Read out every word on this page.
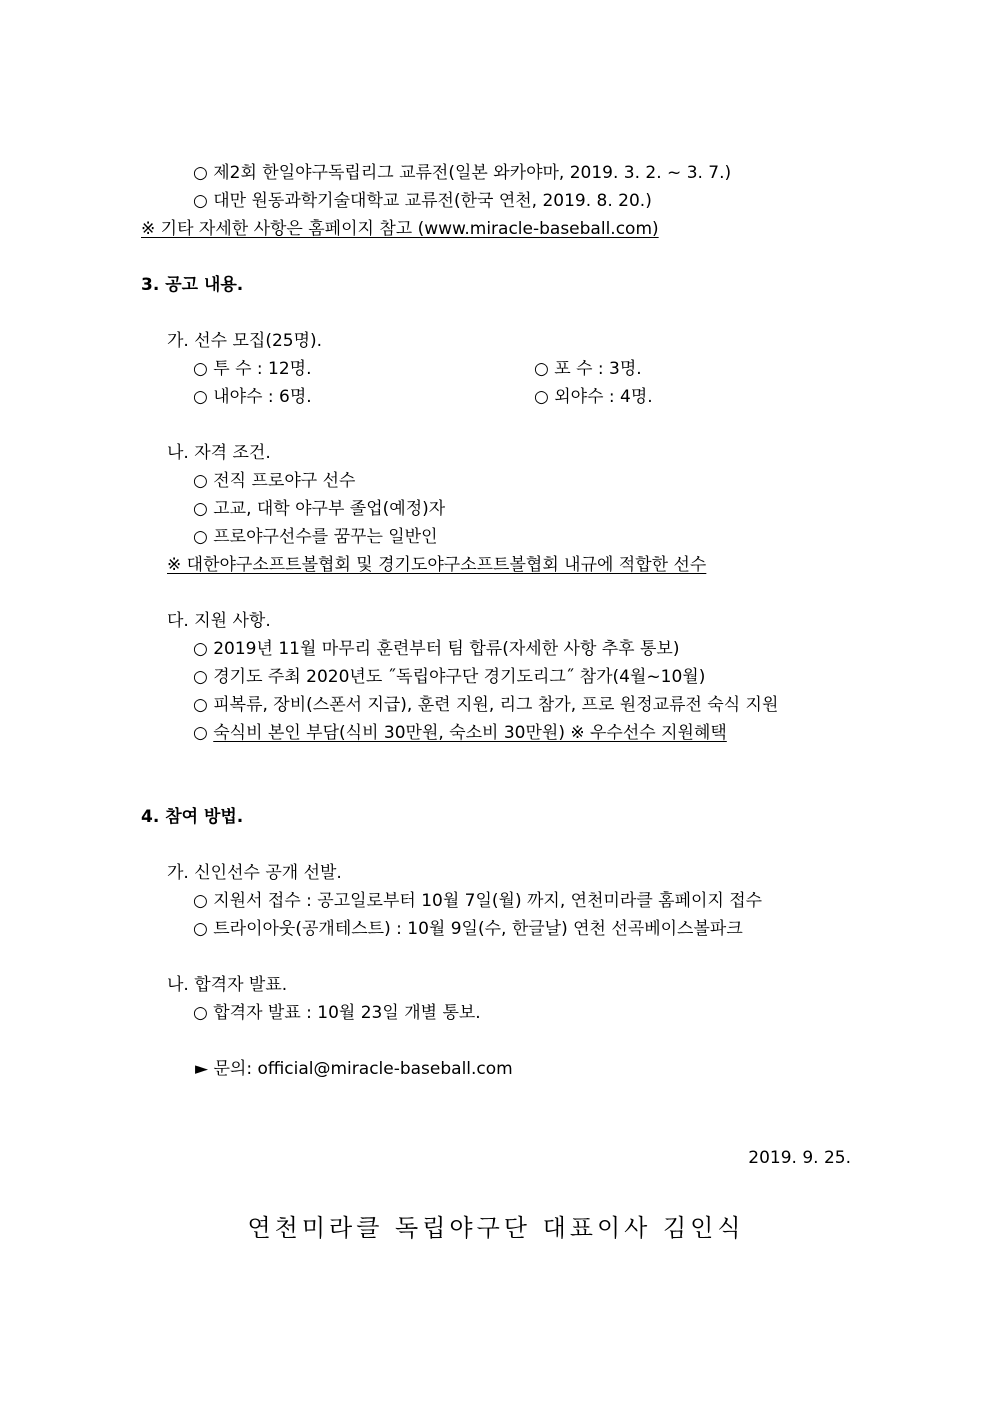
○ 제2회 한일야구독립리그 교류전(일본 와카야마, 2019. 3. 2. ~ 3. 7.)
○ 대만 원동과학기술대학교 교류전(한국 연천, 2019. 8. 20.)
※ 기타 자세한 사항은 홈페이지 참고 (www.miracle-baseball.com)
3. 공고 내용.
가. 선수 모집(25명).
○ 투 수 : 12명.	○ 포 수 : 3명.
○ 내야수 : 6명.	○ 외야수 : 4명.
나. 자격 조건.
○ 전직 프로야구 선수
○ 고교, 대학 야구부 졸업(예정)자
○ 프로야구선수를 꿈꾸는 일반인
※ 대한야구소프트볼협회 및 경기도야구소프트볼협회 내규에 적합한 선수
다. 지원 사항.
○ 2019년 11월 마무리 훈련부터 팀 합류(자세한 사항 추후 통보)
○ 경기도 주최 2020년도 ˝독립야구단 경기도리그˝ 참가(4월~10월)
○ 피복류, 장비(스폰서 지급), 훈련 지원, 리그 참가, 프로 원정교류전 숙식 지원
○ 숙식비 본인 부담(식비 30만원, 숙소비 30만원) ※ 우수선수 지원혜택
4. 참여 방법.
가. 신인선수 공개 선발.
○ 지원서 접수 : 공고일로부터 10월 7일(월) 까지, 연천미라클 홈페이지 접수
○ 트라이아웃(공개테스트) : 10월 9일(수, 한글날) 연천 선곡베이스볼파크
나. 합격자 발표.
○ 합격자 발표 : 10월 23일 개별 통보.
► 문의: official@miracle-baseball.com
2019. 9. 25.
연천미라클 독립야구단 대표이사 김인식
